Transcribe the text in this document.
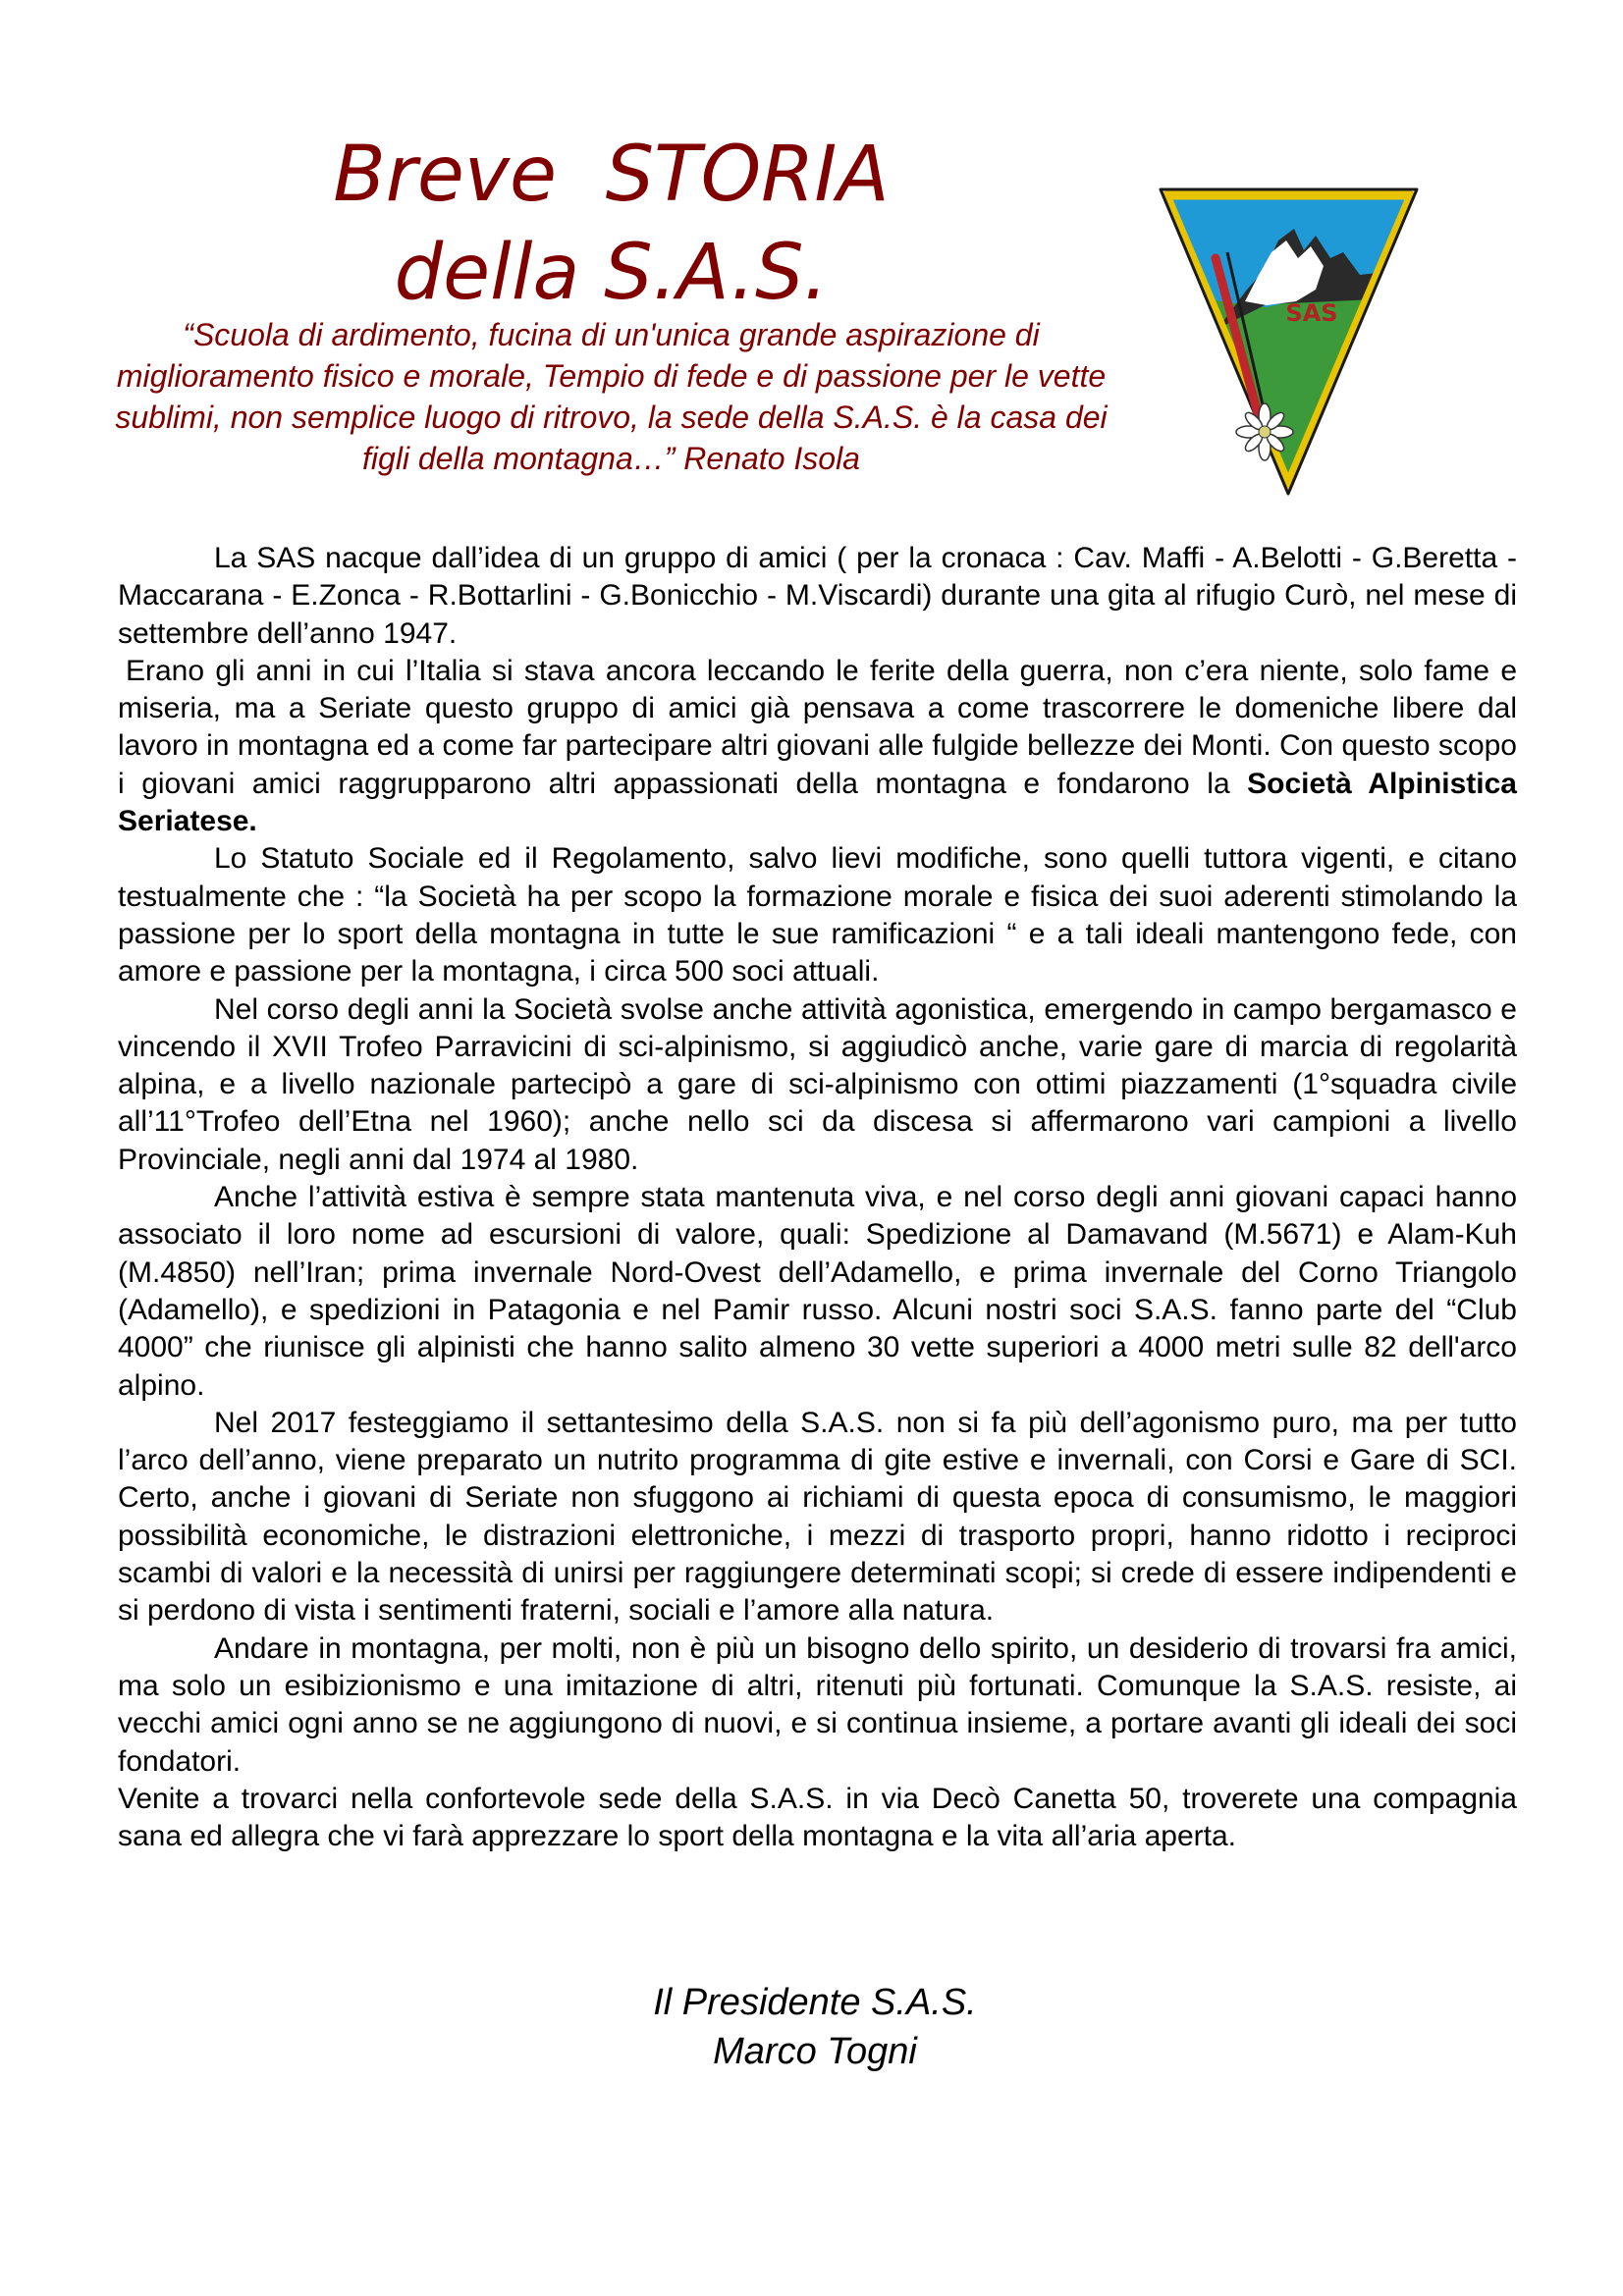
Breve  STORIA
della S.A.S.

“Scuola di ardimento, fucina di un'unica grande aspirazione di miglioramento fisico e morale, Tempio di fede e di passione per le vette sublimi, non semplice luogo di ritrovo, la sede della S.A.S. è la casa dei figli della montagna…” Renato Isola

SAS

La SAS nacque dall’idea di un gruppo di amici ( per la cronaca : Cav. Maffi - A.Belotti - G.Beretta - Maccarana - E.Zonca - R.Bottarlini - G.Bonicchio - M.Viscardi) durante una gita al rifugio Curò, nel mese di settembre dell’anno 1947.

Erano gli anni in cui l’Italia si stava ancora leccando le ferite della guerra, non c’era niente, solo fame e miseria, ma a Seriate questo gruppo di amici già pensava a come trascorrere le domeniche libere dal lavoro in montagna ed a come far partecipare altri giovani alle fulgide bellezze dei Monti. Con questo scopo i giovani amici raggrupparono altri appassionati della montagna e fondarono la Società Alpinistica Seriatese.

Lo Statuto Sociale ed il Regolamento, salvo lievi modifiche, sono quelli tuttora vigenti, e citano testualmente che : “la Società ha per scopo la formazione morale e fisica dei suoi aderenti stimolando la passione per lo sport della montagna in tutte le sue ramificazioni “ e a tali ideali mantengono fede, con amore e passione per la montagna, i circa 500 soci attuali.

Nel corso degli anni la Società svolse anche attività agonistica, emergendo in campo bergamasco e vincendo il XVII Trofeo Parravicini di sci-alpinismo, si aggiudicò anche, varie gare di marcia di regolarità alpina, e a livello nazionale partecipò a gare di sci-alpinismo con ottimi piazzamenti (1°squadra civile all’11°Trofeo dell’Etna nel 1960); anche nello sci da discesa si affermarono vari campioni a livello Provinciale, negli anni dal 1974 al 1980.

Anche l’attività estiva è sempre stata mantenuta viva, e nel corso degli anni giovani capaci hanno associato il loro nome ad escursioni di valore, quali: Spedizione al Damavand (M.5671) e Alam-Kuh (M.4850) nell’Iran; prima invernale Nord-Ovest dell’Adamello, e prima invernale del Corno Triangolo (Adamello), e spedizioni in Patagonia e nel Pamir russo. Alcuni nostri soci S.A.S. fanno parte del “Club 4000” che riunisce gli alpinisti che hanno salito almeno 30 vette superiori a 4000 metri sulle 82 dell'arco alpino.

Nel 2017 festeggiamo il settantesimo della S.A.S. non si fa più dell’agonismo puro, ma per tutto l’arco dell’anno, viene preparato un nutrito programma di gite estive e invernali, con Corsi e Gare di SCI. Certo, anche i giovani di Seriate non sfuggono ai richiami di questa epoca di consumismo, le maggiori possibilità economiche, le distrazioni elettroniche, i mezzi di trasporto propri, hanno ridotto i reciproci scambi di valori e la necessità di unirsi per raggiungere determinati scopi; si crede di essere indipendenti e si perdono di vista i sentimenti fraterni, sociali e l’amore alla natura.

Andare in montagna, per molti, non è più un bisogno dello spirito, un desiderio di trovarsi fra amici, ma solo un esibizionismo e una imitazione di altri, ritenuti più fortunati. Comunque la S.A.S. resiste, ai vecchi amici ogni anno se ne aggiungono di nuovi, e si continua insieme, a portare avanti gli ideali dei soci fondatori.

Venite a trovarci nella confortevole sede della S.A.S. in via Decò Canetta 50, troverete una compagnia sana ed allegra che vi farà apprezzare lo sport della montagna e la vita all’aria aperta.

Il Presidente S.A.S.
Marco Togni
